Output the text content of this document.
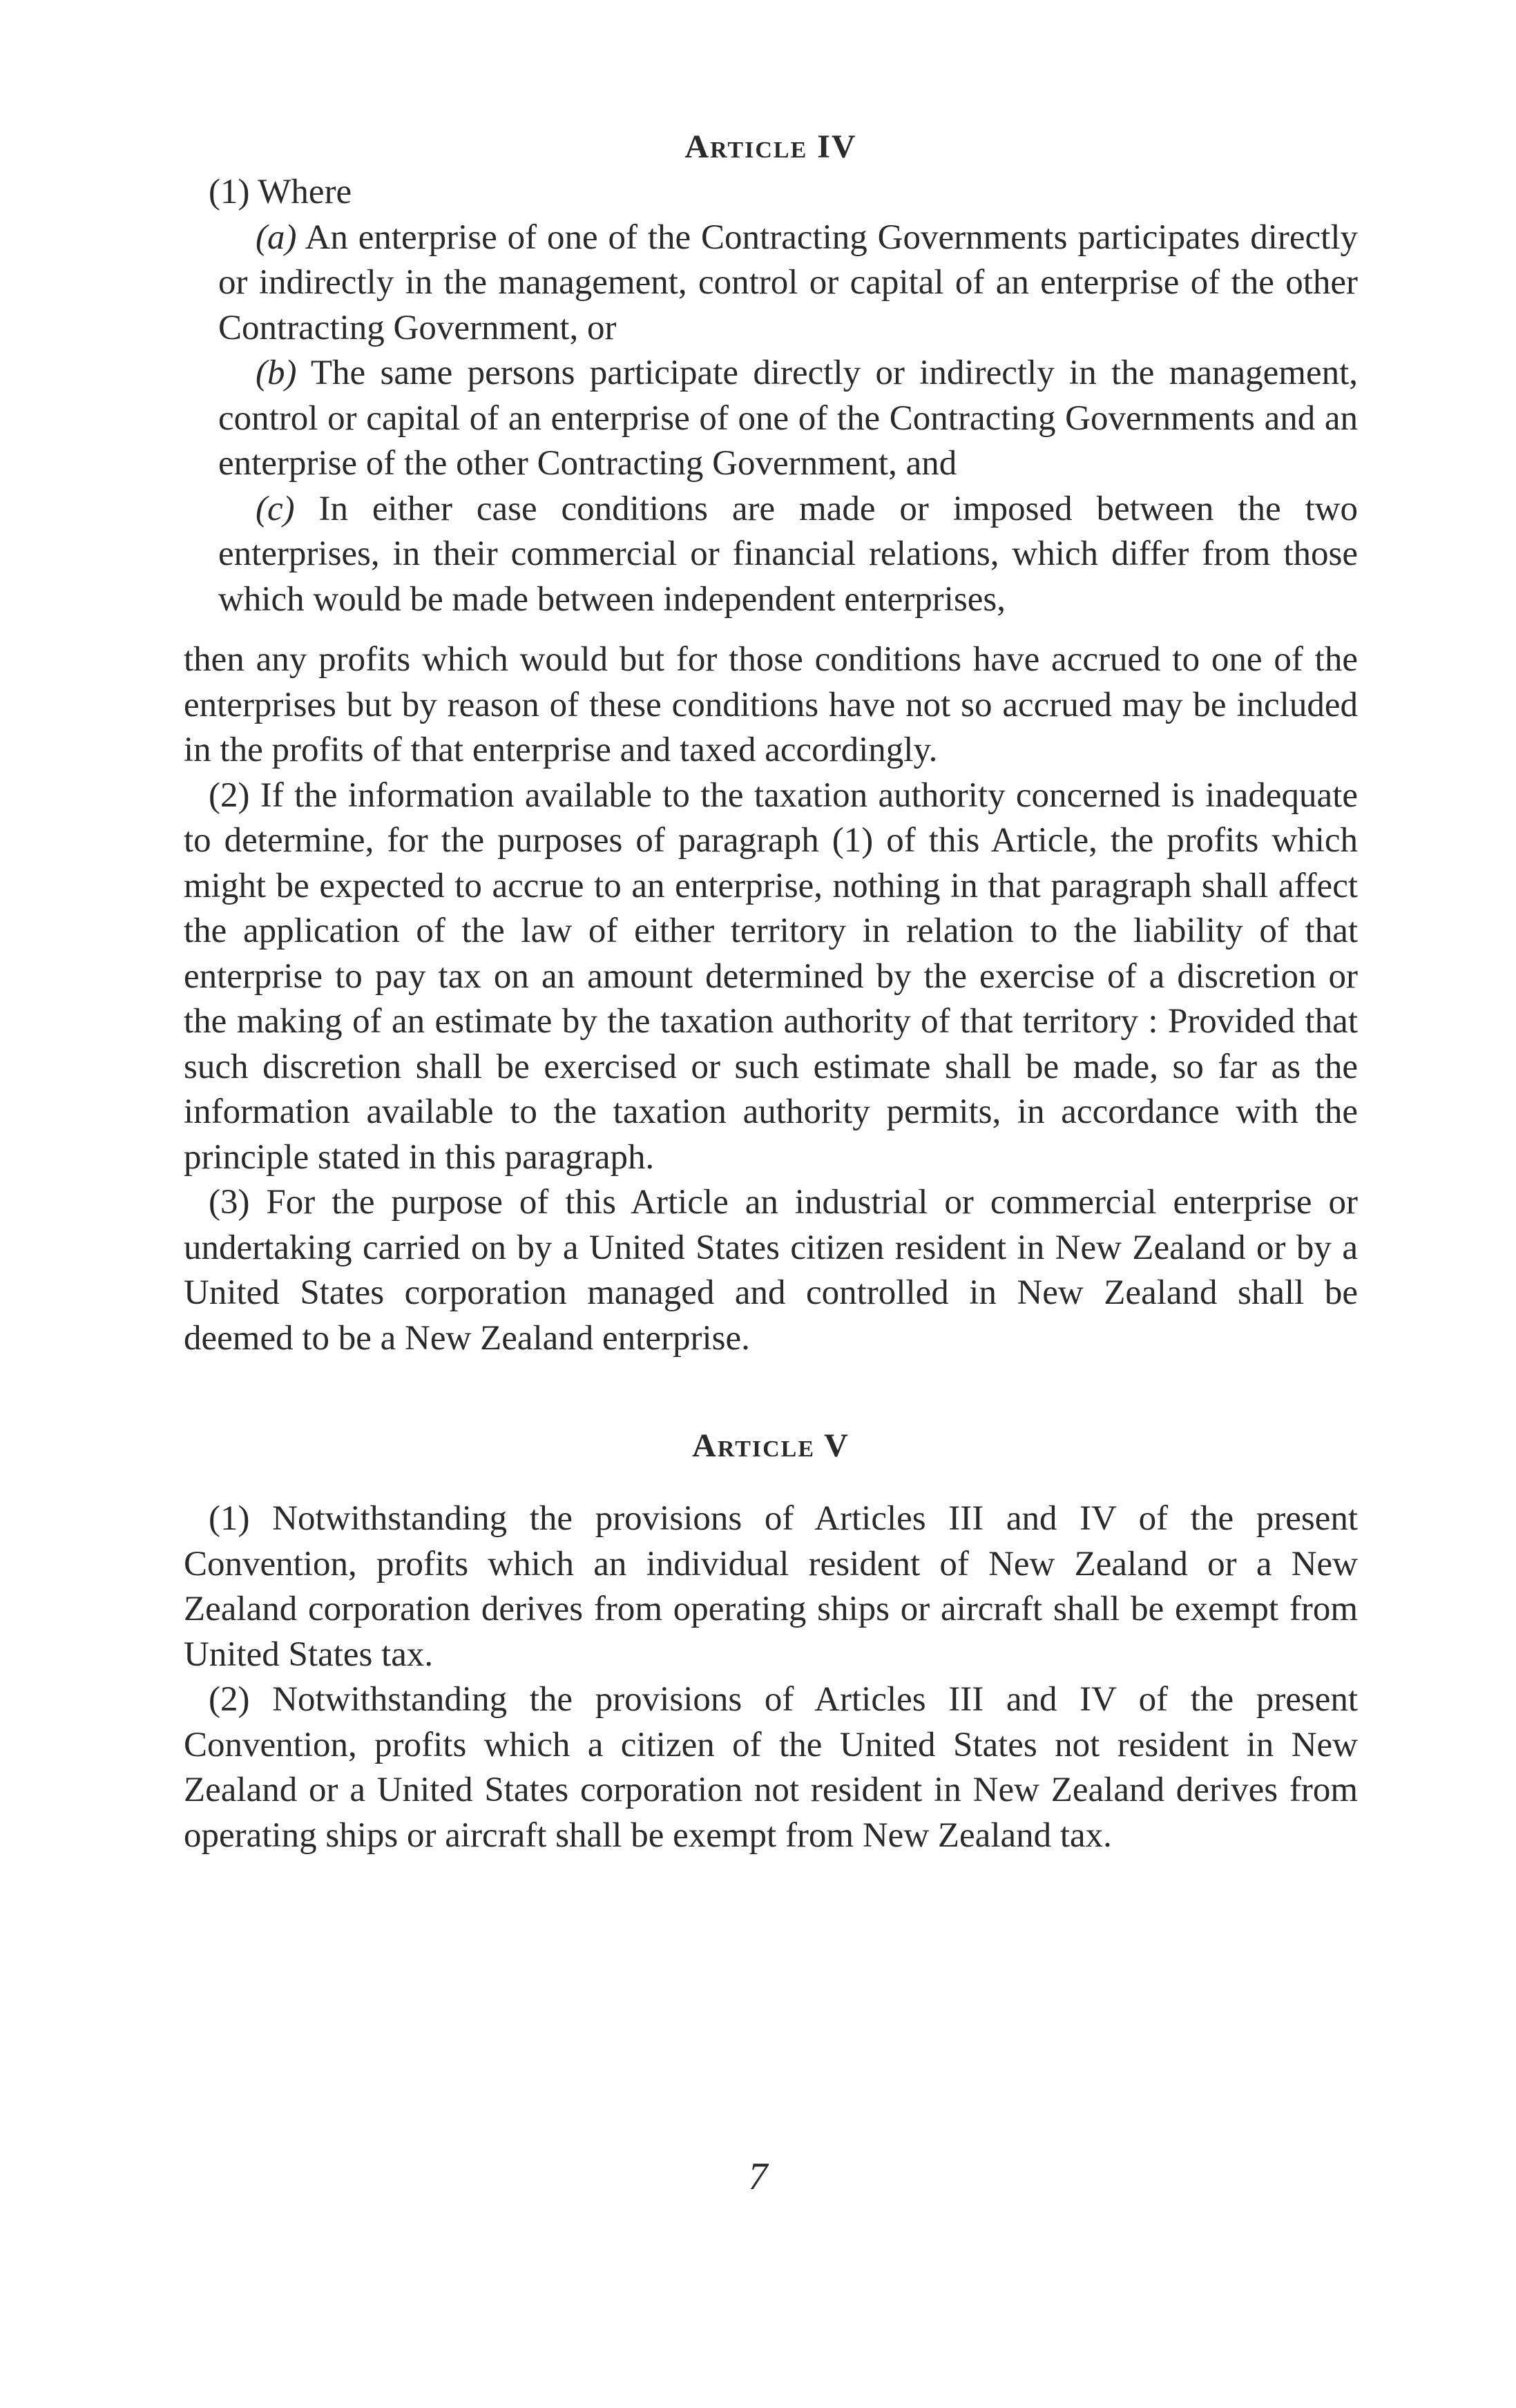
Article IV

(1) Where

(a) An enterprise of one of the Contracting Governments participates directly or indirectly in the management, control or capital of an enterprise of the other Contracting Government, or

(b) The same persons participate directly or indirectly in the management, control or capital of an enterprise of one of the Contracting Governments and an enterprise of the other Contracting Government, and

(c) In either case conditions are made or imposed between the two enterprises, in their commercial or financial relations, which differ from those which would be made between independent enterprises,

then any profits which would but for those conditions have accrued to one of the enterprises but by reason of these conditions have not so accrued may be included in the profits of that enterprise and taxed accordingly.

(2) If the information available to the taxation authority concerned is inadequate to determine, for the purposes of paragraph (1) of this Article, the profits which might be expected to accrue to an enterprise, nothing in that paragraph shall affect the application of the law of either territory in relation to the liability of that enterprise to pay tax on an amount determined by the exercise of a discretion or the making of an estimate by the taxation authority of that territory : Provided that such discretion shall be exercised or such estimate shall be made, so far as the information available to the taxation authority permits, in accordance with the principle stated in this paragraph.

(3) For the purpose of this Article an industrial or commercial enterprise or undertaking carried on by a United States citizen resident in New Zealand or by a United States corporation managed and controlled in New Zealand shall be deemed to be a New Zealand enterprise.

Article V

(1) Notwithstanding the provisions of Articles III and IV of the present Convention, profits which an individual resident of New Zealand or a New Zealand corporation derives from operating ships or aircraft shall be exempt from United States tax.

(2) Notwithstanding the provisions of Articles III and IV of the present Convention, profits which a citizen of the United States not resident in New Zealand or a United States corporation not resident in New Zealand derives from operating ships or aircraft shall be exempt from New Zealand tax.

7
